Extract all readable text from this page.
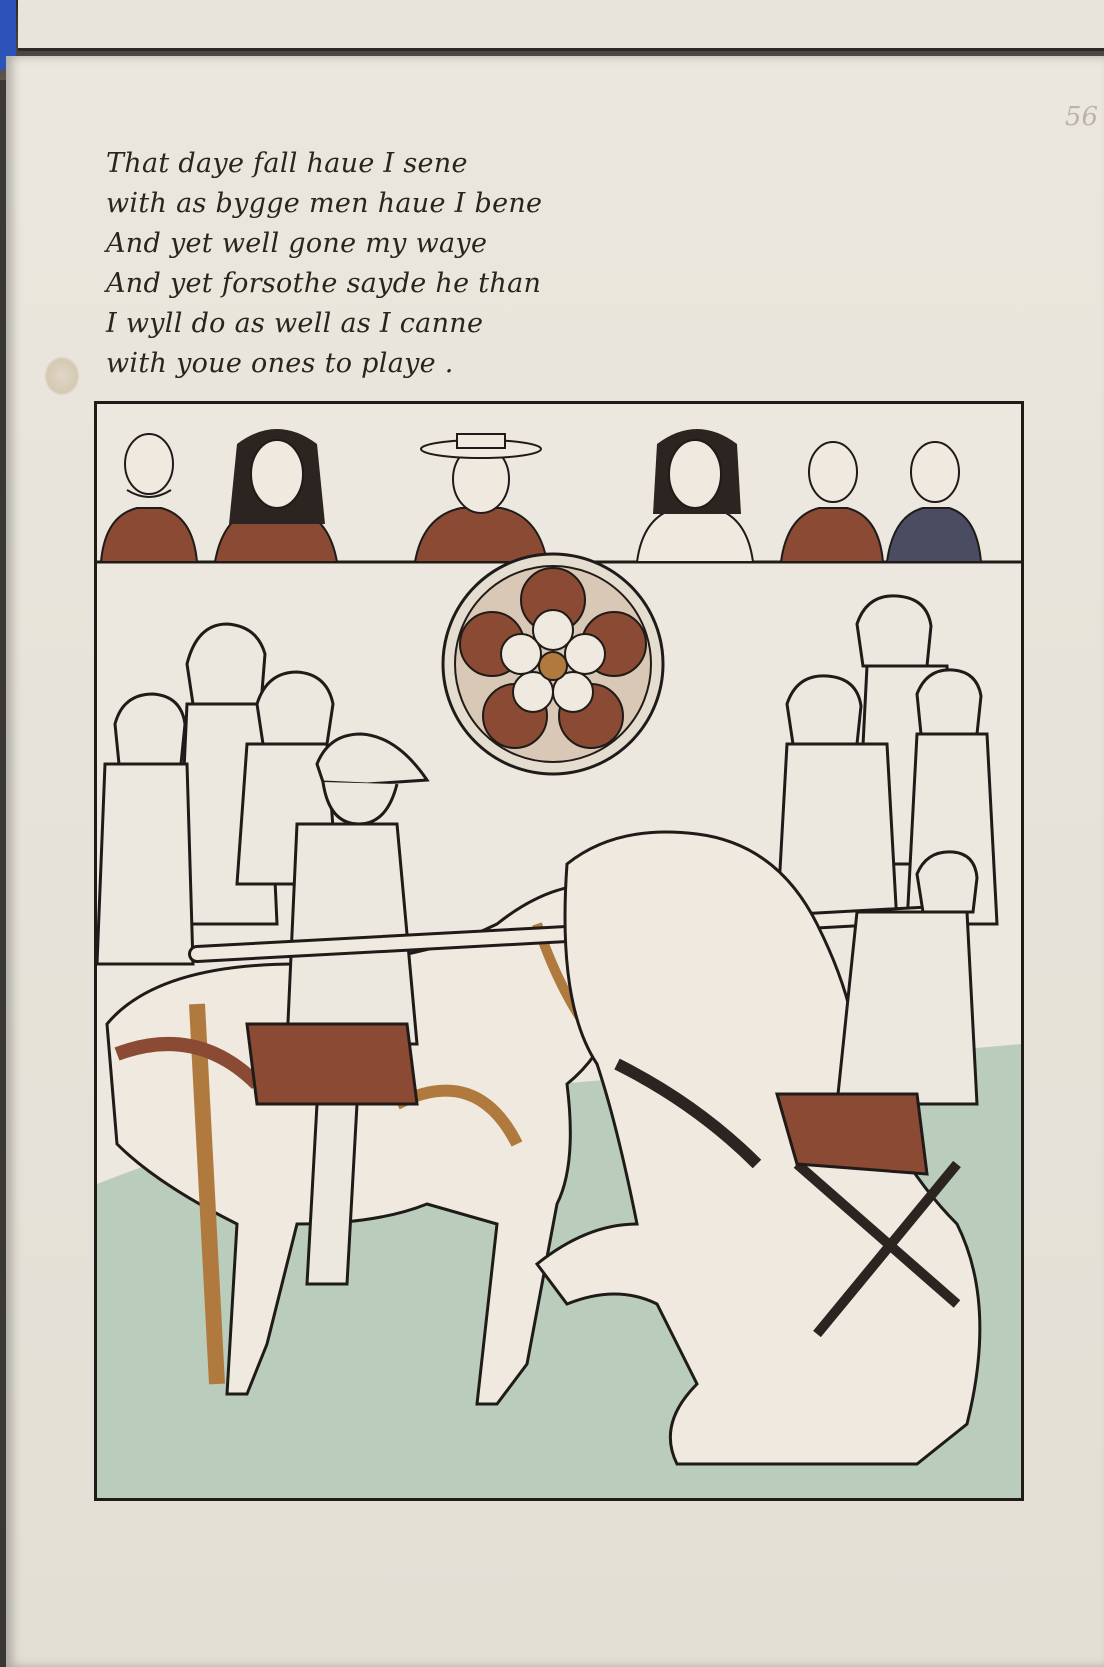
56
That daye fall haue I sene
with as bygge men haue I bene
And yet well gone my waye
And yet forsothe sayde he than
I wyll do as well as I canne
with youe ones to playe .
